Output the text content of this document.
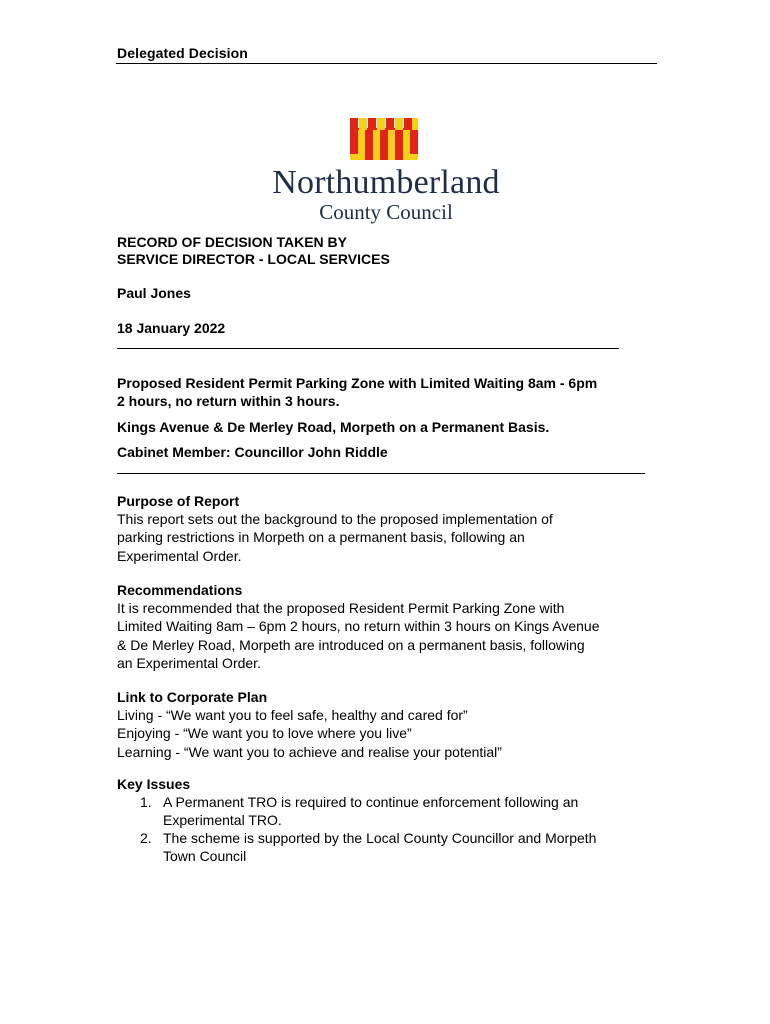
Delegated Decision
Northumberland
County Council
RECORD OF DECISION TAKEN BY
SERVICE DIRECTOR - LOCAL SERVICES
Paul Jones
18 January 2022
Proposed Resident Permit Parking Zone with Limited Waiting 8am - 6pm
2 hours, no return within 3 hours.
Kings Avenue & De Merley Road, Morpeth on a Permanent Basis.
Cabinet Member: Councillor John Riddle

Purpose of Report

This report sets out the background to the proposed implementation of

parking restrictions in Morpeth on a permanent basis, following an

Experimental Order.

Recommendations

It is recommended that the proposed Resident Permit Parking Zone with

Limited Waiting 8am – 6pm 2 hours, no return within 3 hours on Kings Avenue

& De Merley Road, Morpeth are introduced on a permanent basis, following

an Experimental Order.

Link to Corporate Plan

Living - “We want you to feel safe, healthy and cared for”

Enjoying - “We want you to love where you live”

Learning - “We want you to achieve and realise your potential”

Key Issues

1. A Permanent TRO is required to continue enforcement following an
Experimental TRO.
2. The scheme is supported by the Local County Councillor and Morpeth
Town Council
